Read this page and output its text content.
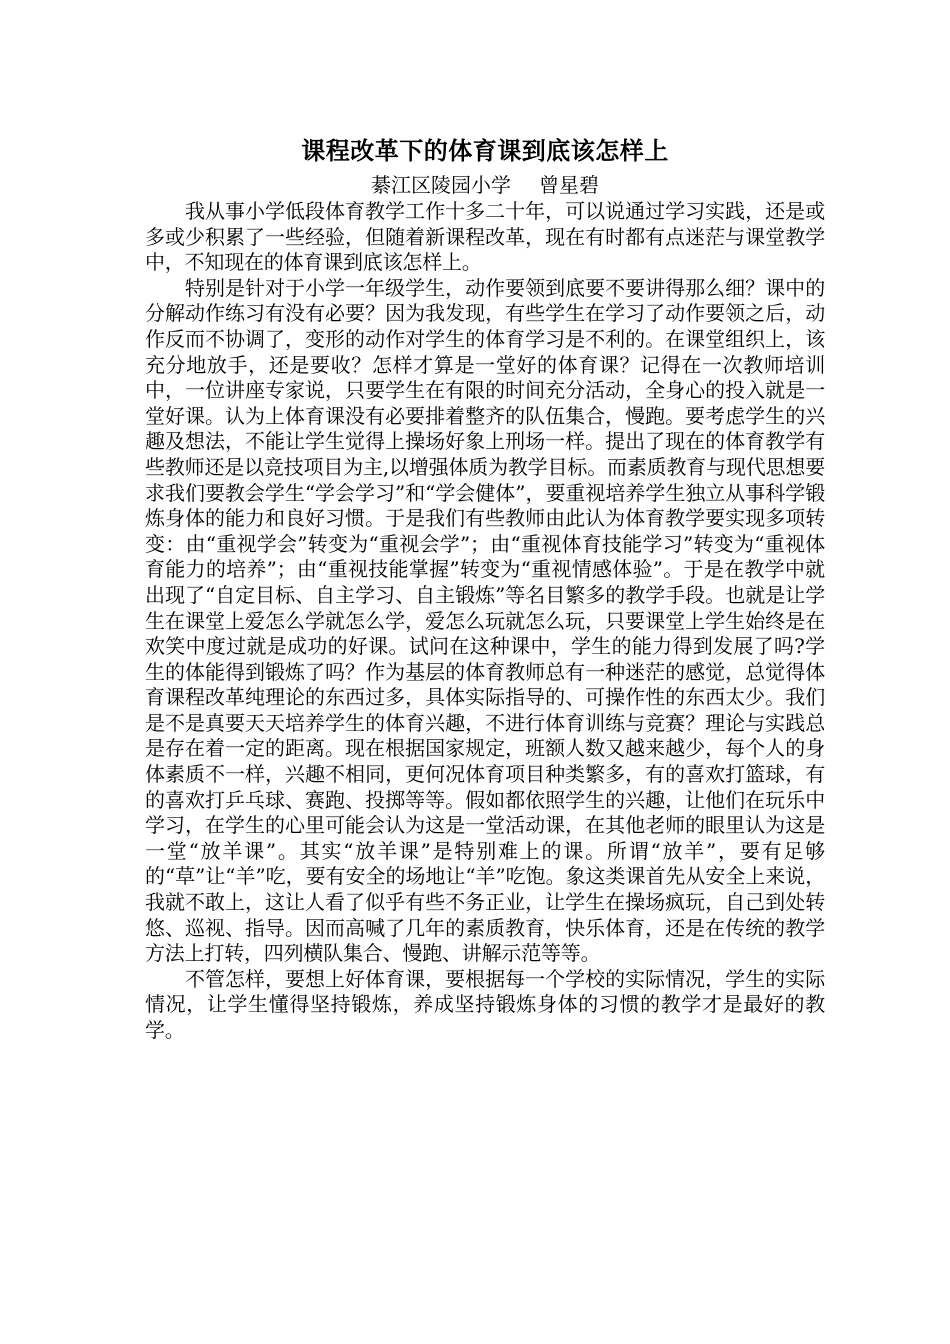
课程改革下的体育课到底该怎样上

綦江区陵园小学 曾星碧

我从事小学低段体育教学工作十多二十年，可以说通过学习实践，还是或多或少积累了一些经验，但随着新课程改革，现在有时都有点迷茫与课堂教学中，不知现在的体育课到底该怎样上。

特别是针对于小学一年级学生，动作要领到底要不要讲得那么细？课中的分解动作练习有没有必要？因为我发现，有些学生在学习了动作要领之后，动作反而不协调了，变形的动作对学生的体育学习是不利的。在课堂组织上，该充分地放手，还是要收？怎样才算是一堂好的体育课？记得在一次教师培训中，一位讲座专家说，只要学生在有限的时间充分活动，全身心的投入就是一堂好课。认为上体育课没有必要排着整齐的队伍集合，慢跑。要考虑学生的兴趣及想法，不能让学生觉得上操场好象上刑场一样。提出了现在的体育教学有些教师还是以竞技项目为主,以增强体质为教学目标。而素质教育与现代思想要求我们要教会学生“学会学习”和“学会健体”，要重视培养学生独立从事科学锻炼身体的能力和良好习惯。于是我们有些教师由此认为体育教学要实现多项转变：由“重视学会”转变为“重视会学”；由“重视体育技能学习”转变为“重视体育能力的培养”；由“重视技能掌握”转变为“重视情感体验”。于是在教学中就出现了“自定目标、自主学习、自主锻炼”等名目繁多的教学手段。也就是让学生在课堂上爱怎么学就怎么学，爱怎么玩就怎么玩，只要课堂上学生始终是在欢笑中度过就是成功的好课。试问在这种课中，学生的能力得到发展了吗?学生的体能得到锻炼了吗？作为基层的体育教师总有一种迷茫的感觉，总觉得体育课程改革纯理论的东西过多，具体实际指导的、可操作性的东西太少。我们是不是真要天天培养学生的体育兴趣，不进行体育训练与竞赛？理论与实践总是存在着一定的距离。现在根据国家规定，班额人数又越来越少，每个人的身体素质不一样，兴趣不相同，更何况体育项目种类繁多，有的喜欢打篮球，有的喜欢打乒乓球、赛跑、投掷等等。假如都依照学生的兴趣，让他们在玩乐中学习，在学生的心里可能会认为这是一堂活动课，在其他老师的眼里认为这是一堂“放羊课”。其实“放羊课”是特别难上的课。所谓“放羊”，要有足够的“草”让“羊”吃，要有安全的场地让“羊”吃饱。象这类课首先从安全上来说，我就不敢上，这让人看了似乎有些不务正业，让学生在操场疯玩，自己到处转悠、巡视、指导。因而高喊了几年的素质教育，快乐体育，还是在传统的教学方法上打转，四列横队集合、慢跑、讲解示范等等。

不管怎样，要想上好体育课，要根据每一个学校的实际情况，学生的实际情况，让学生懂得坚持锻炼，养成坚持锻炼身体的习惯的教学才是最好的教学。
